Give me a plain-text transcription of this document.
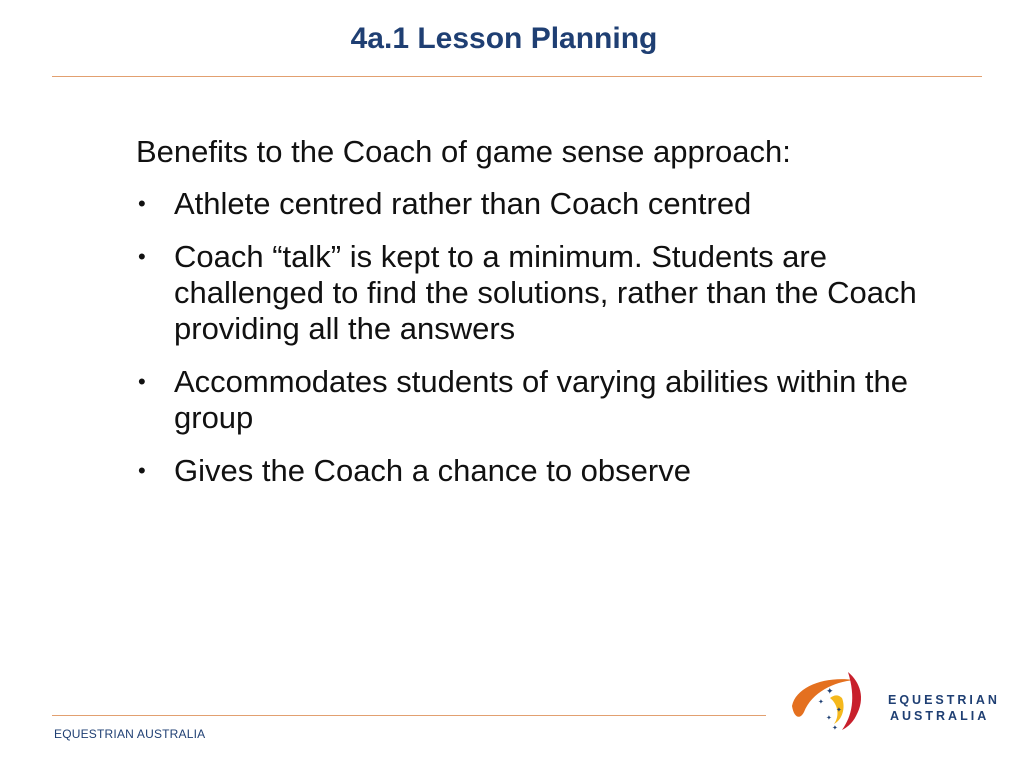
4a.1 Lesson Planning

Benefits to the Coach of game sense approach:

• Athlete centred rather than Coach centred
• Coach “talk” is kept to a minimum. Students are challenged to find the solutions, rather than the Coach providing all the answers
• Accommodates students of varying abilities within the group
• Gives the Coach a chance to observe
EQUESTRIAN AUSTRALIA
✦
✦
✦
✦
✦
EQUESTRIAN
AUSTRALIA
